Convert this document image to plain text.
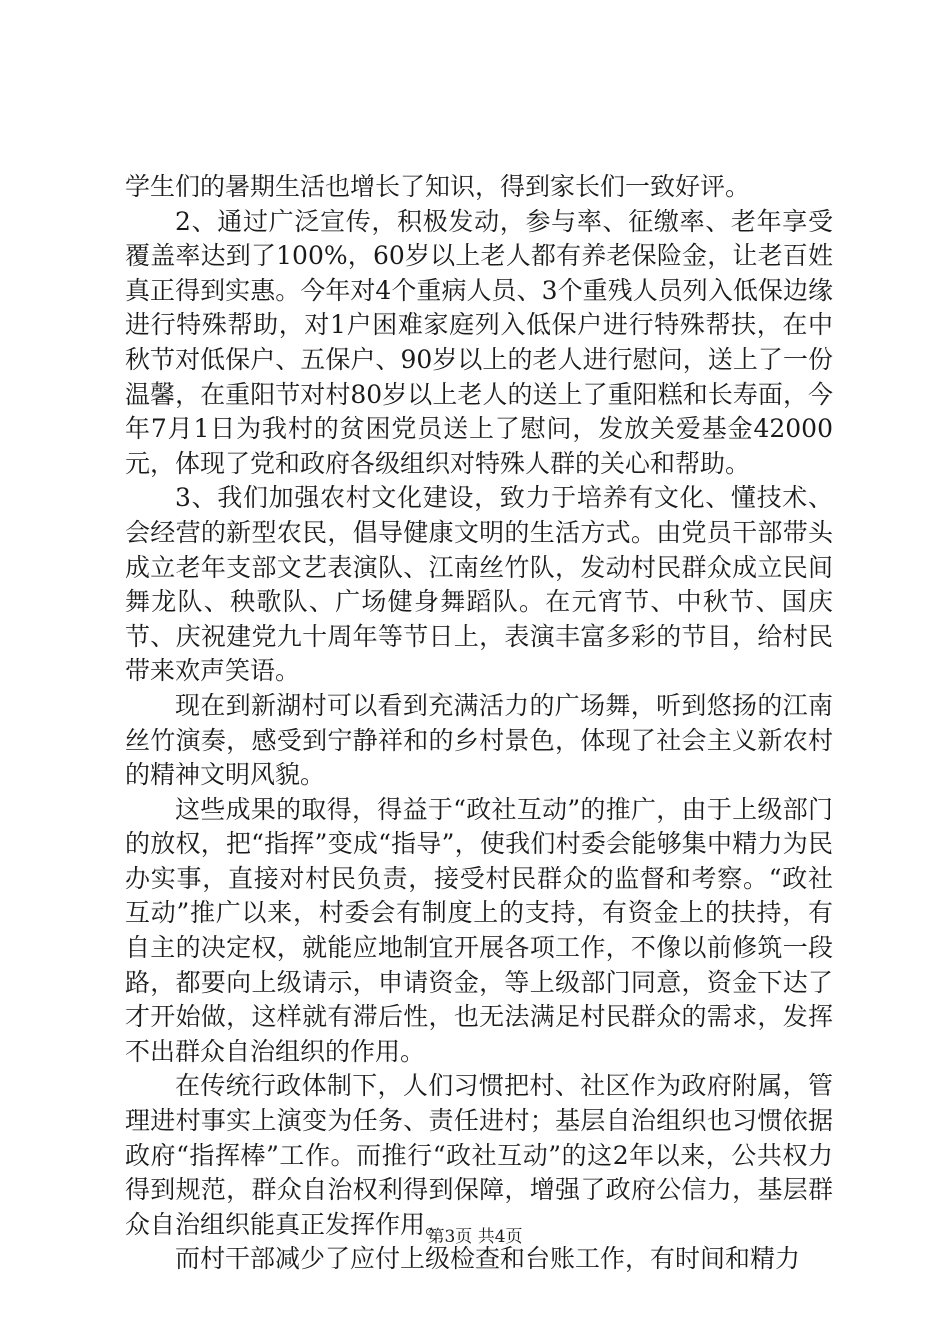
学生们的暑期生活也增长了知识，得到家长们一致好评。

2、通过广泛宣传，积极发动，参与率、征缴率、老年享受覆盖率达到了100%，60岁以上老人都有养老保险金，让老百姓真正得到实惠。今年对4个重病人员、3个重残人员列入低保边缘进行特殊帮助，对1户困难家庭列入低保户进行特殊帮扶，在中秋节对低保户、五保户、90岁以上的老人进行慰问，送上了一份温馨，在重阳节对村80岁以上老人的送上了重阳糕和长寿面，今年7月1日为我村的贫困党员送上了慰问，发放关爱基金42000元，体现了党和政府各级组织对特殊人群的关心和帮助。

3、我们加强农村文化建设，致力于培养有文化、懂技术、会经营的新型农民，倡导健康文明的生活方式。由党员干部带头成立老年支部文艺表演队、江南丝竹队，发动村民群众成立民间舞龙队、秧歌队、广场健身舞蹈队。在元宵节、中秋节、国庆节、庆祝建党九十周年等节日上，表演丰富多彩的节目，给村民带来欢声笑语。

现在到新湖村可以看到充满活力的广场舞，听到悠扬的江南丝竹演奏，感受到宁静祥和的乡村景色，体现了社会主义新农村的精神文明风貌。

这些成果的取得，得益于“政社互动”的推广，由于上级部门的放权，把“指挥”变成“指导”，使我们村委会能够集中精力为民办实事，直接对村民负责，接受村民群众的监督和考察。“政社互动”推广以来，村委会有制度上的支持，有资金上的扶持，有自主的决定权，就能应地制宜开展各项工作，不像以前修筑一段路，都要向上级请示，申请资金，等上级部门同意，资金下达了才开始做，这样就有滞后性，也无法满足村民群众的需求，发挥不出群众自治组织的作用。

在传统行政体制下，人们习惯把村、社区作为政府附属，管理进村事实上演变为任务、责任进村；基层自治组织也习惯依据政府“指挥棒”工作。而推行“政社互动”的这2年以来，公共权力得到规范，群众自治权利得到保障，增强了政府公信力，基层群众自治组织能真正发挥作用。

而村干部减少了应付上级检查和台账工作，有时间和精力

第3页 共4页
